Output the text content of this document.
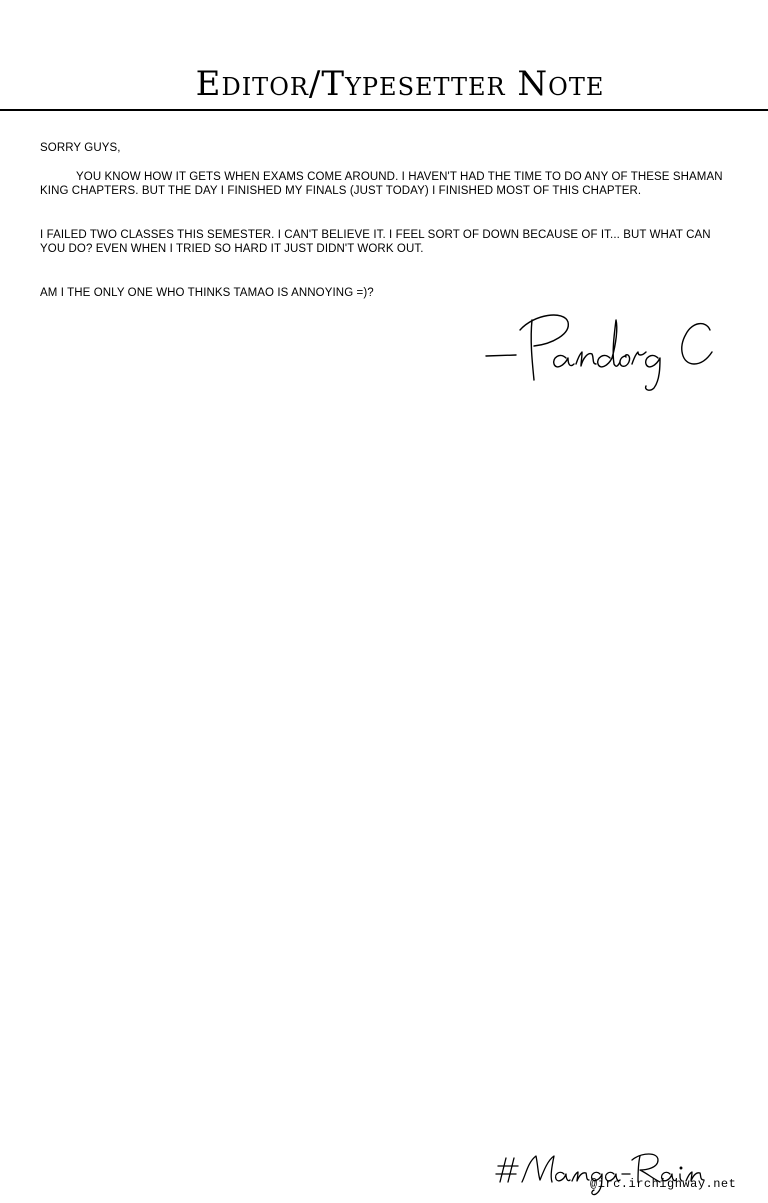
Editor/Typesetter Note

SORRY GUYS,

YOU KNOW HOW IT GETS WHEN EXAMS COME AROUND. I HAVEN'T HAD THE TIME TO DO ANY OF THESE SHAMAN KING CHAPTERS. BUT THE DAY I FINISHED MY FINALS (JUST TODAY) I FINISHED MOST OF THIS CHAPTER.

I FAILED TWO CLASSES THIS SEMESTER. I CAN'T BELIEVE IT. I FEEL SORT OF DOWN BECAUSE OF IT... BUT WHAT CAN YOU DO? EVEN WHEN I TRIED SO HARD IT JUST DIDN'T WORK OUT.

AM I THE ONLY ONE WHO THINKS TAMAO IS ANNOYING =)?

@irc.irchighway.net
